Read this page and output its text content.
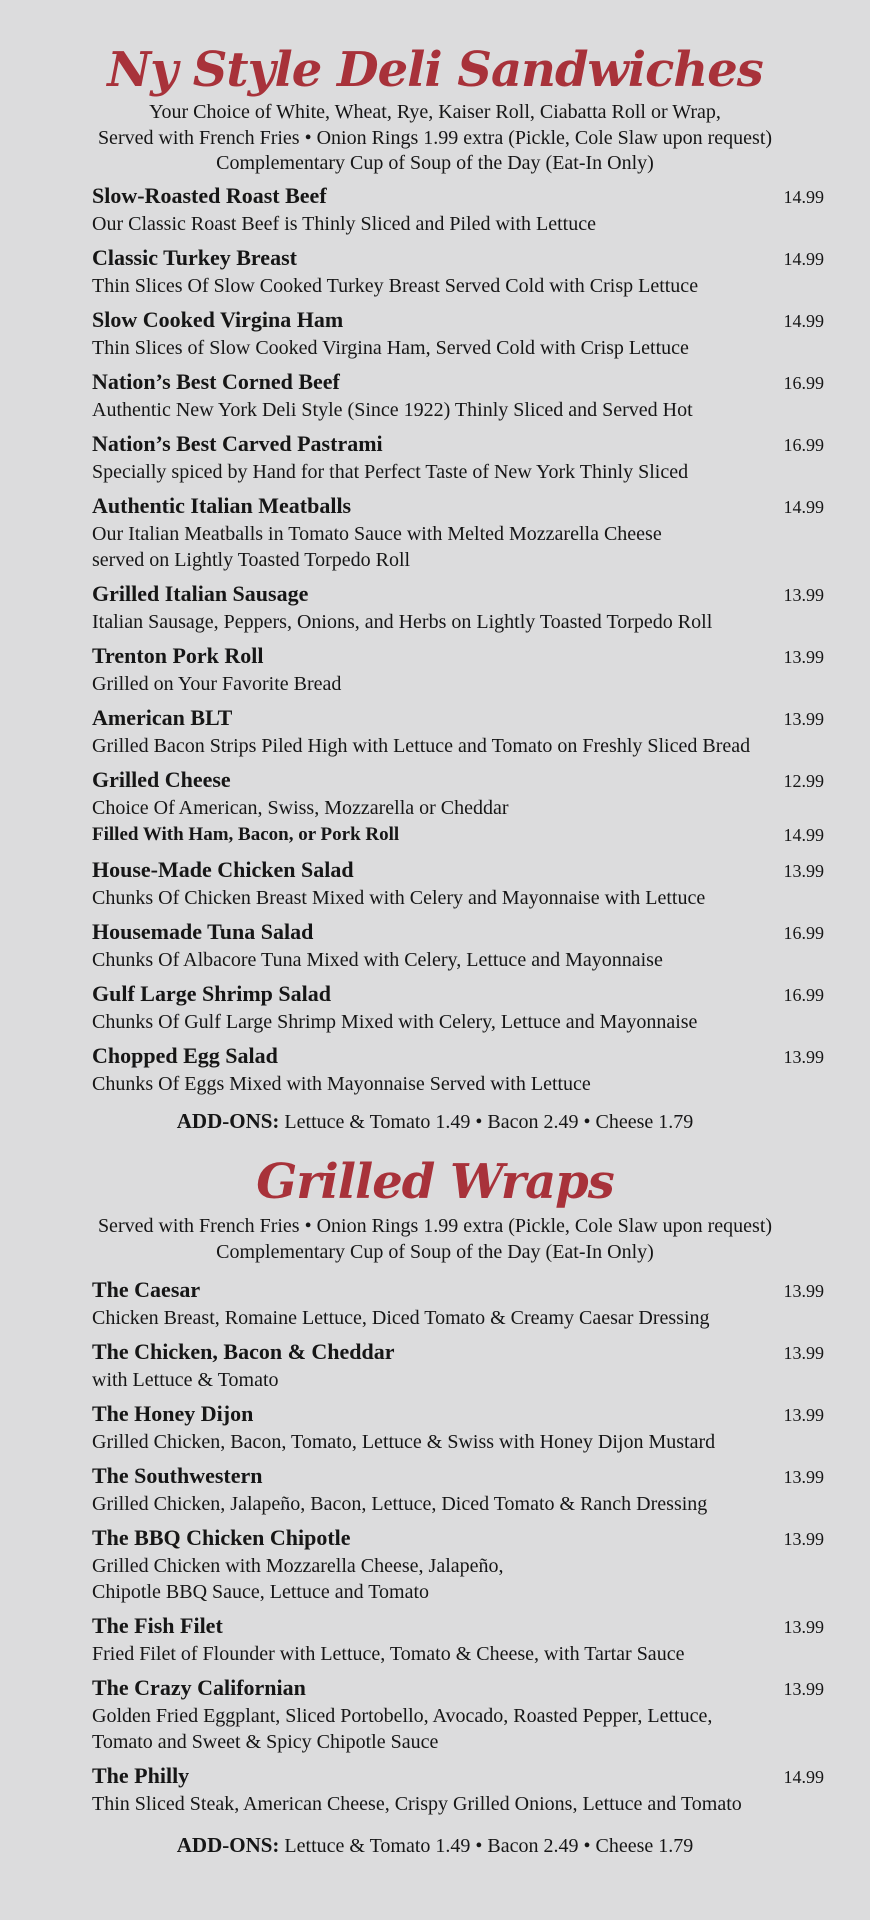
Ny Style Deli Sandwiches
Your Choice of White, Wheat, Rye, Kaiser Roll, Ciabatta Roll or Wrap,
Served with French Fries • Onion Rings 1.99 extra (Pickle, Cole Slaw upon request)
Complementary Cup of Soup of the Day (Eat-In Only)
Slow-Roasted Roast Beef	14.99
Our Classic Roast Beef is Thinly Sliced and Piled with Lettuce
Classic Turkey Breast	14.99
Thin Slices Of Slow Cooked Turkey Breast Served Cold with Crisp Lettuce
Slow Cooked Virgina Ham	14.99
Thin Slices of Slow Cooked Virgina Ham, Served Cold with Crisp Lettuce
Nation’s Best Corned Beef	16.99
Authentic New York Deli Style (Since 1922) Thinly Sliced and Served Hot
Nation’s Best Carved Pastrami	16.99
Specially spiced by Hand for that Perfect Taste of New York Thinly Sliced
Authentic Italian Meatballs	14.99
Our Italian Meatballs in Tomato Sauce with Melted Mozzarella Cheese
served on Lightly Toasted Torpedo Roll
Grilled Italian Sausage	13.99
Italian Sausage, Peppers, Onions, and Herbs on Lightly Toasted Torpedo Roll
Trenton Pork Roll	13.99
Grilled on Your Favorite Bread
American BLT	13.99
Grilled Bacon Strips Piled High with Lettuce and Tomato on Freshly Sliced Bread
Grilled Cheese	12.99
Choice Of American, Swiss, Mozzarella or Cheddar
Filled With Ham, Bacon, or Pork Roll	14.99
House-Made Chicken Salad	13.99
Chunks Of Chicken Breast Mixed with Celery and Mayonnaise with Lettuce
Housemade Tuna Salad	16.99
Chunks Of Albacore Tuna Mixed with Celery, Lettuce and Mayonnaise
Gulf Large Shrimp Salad	16.99
Chunks Of Gulf Large Shrimp Mixed with Celery, Lettuce and Mayonnaise
Chopped Egg Salad	13.99
Chunks Of Eggs Mixed with Mayonnaise Served with Lettuce
ADD-ONS: Lettuce & Tomato 1.49 • Bacon 2.49 • Cheese 1.79
Grilled Wraps
Served with French Fries • Onion Rings 1.99 extra (Pickle, Cole Slaw upon request)
Complementary Cup of Soup of the Day (Eat-In Only)
The Caesar	13.99
Chicken Breast, Romaine Lettuce, Diced Tomato & Creamy Caesar Dressing
The Chicken, Bacon & Cheddar	13.99
with Lettuce & Tomato
The Honey Dijon	13.99
Grilled Chicken, Bacon, Tomato, Lettuce & Swiss with Honey Dijon Mustard
The Southwestern	13.99
Grilled Chicken, Jalapeño, Bacon, Lettuce, Diced Tomato & Ranch Dressing
The BBQ Chicken Chipotle	13.99
Grilled Chicken with Mozzarella Cheese, Jalapeño,
Chipotle BBQ Sauce, Lettuce and Tomato
The Fish Filet	13.99
Fried Filet of Flounder with Lettuce, Tomato & Cheese, with Tartar Sauce
The Crazy Californian	13.99
Golden Fried Eggplant, Sliced Portobello, Avocado, Roasted Pepper, Lettuce,
Tomato and Sweet & Spicy Chipotle Sauce
The Philly	14.99
Thin Sliced Steak, American Cheese, Crispy Grilled Onions, Lettuce and Tomato
ADD-ONS: Lettuce & Tomato 1.49 • Bacon 2.49 • Cheese 1.79
